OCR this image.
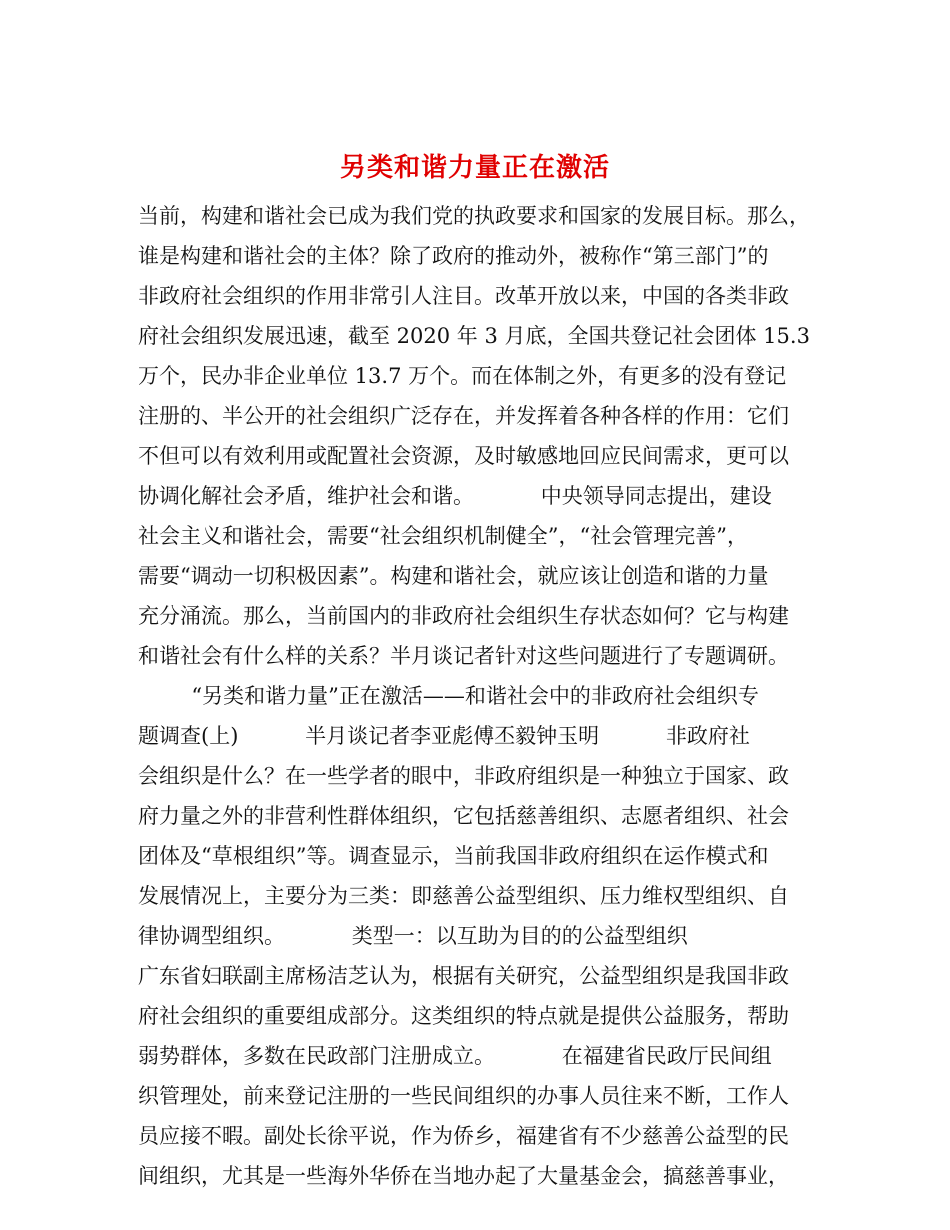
另类和谐力量正在激活
当前，构建和谐社会已成为我们党的执政要求和国家的发展目标。那么，
谁是构建和谐社会的主体？除了政府的推动外，被称作“第三部门”的
非政府社会组织的作用非常引人注目。改革开放以来，中国的各类非政
府社会组织发展迅速，截至 2020 年 3 月底，全国共登记社会团体 15.3
万个，民办非企业单位 13.7 万个。而在体制之外，有更多的没有登记
注册的、半公开的社会组织广泛存在，并发挥着各种各样的作用：它们
不但可以有效利用或配置社会资源，及时敏感地回应民间需求，更可以
协调化解社会矛盾，维护社会和谐。          中央领导同志提出，建设
社会主义和谐社会，需要“社会组织机制健全”，“社会管理完善”，
需要“调动一切积极因素”。构建和谐社会，就应该让创造和谐的力量
充分涌流。那么，当前国内的非政府社会组织生存状态如何？它与构建
和谐社会有什么样的关系？半月谈记者针对这些问题进行了专题调研。
“另类和谐力量”正在激活——和谐社会中的非政府社会组织专
题调查(上)          半月谈记者李亚彪傅丕毅钟玉明          非政府社
会组织是什么？在一些学者的眼中，非政府组织是一种独立于国家、政
府力量之外的非营利性群体组织，它包括慈善组织、志愿者组织、社会
团体及“草根组织”等。调查显示，当前我国非政府组织在运作模式和
发展情况上，主要分为三类：即慈善公益型组织、压力维权型组织、自
律协调型组织。          类型一：以互助为目的的公益型组织
广东省妇联副主席杨洁芝认为，根据有关研究，公益型组织是我国非政
府社会组织的重要组成部分。这类组织的特点就是提供公益服务，帮助
弱势群体，多数在民政部门注册成立。          在福建省民政厅民间组
织管理处，前来登记注册的一些民间组织的办事人员往来不断，工作人
员应接不暇。副处长徐平说，作为侨乡，福建省有不少慈善公益型的民
间组织，尤其是一些海外华侨在当地办起了大量基金会，搞慈善事业，
